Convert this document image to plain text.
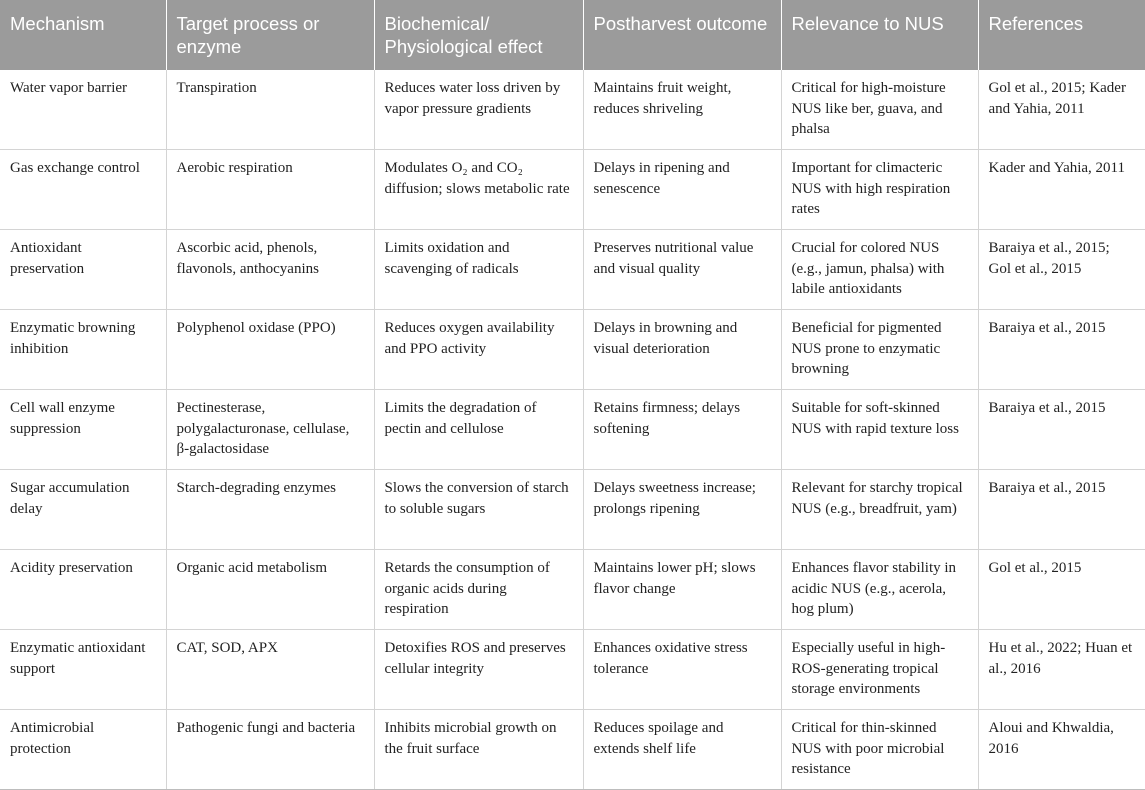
Mechanism	Target process or enzyme	Biochemical/ Physiological effect	Postharvest outcome	Relevance to NUS	References
Water vapor barrier	Transpiration	Reduces water loss driven by vapor pressure gradients	Maintains fruit weight, reduces shriveling	Critical for high-moisture NUS like ber, guava, and phalsa	Gol et al., 2015; Kader and Yahia, 2011
Gas exchange control	Aerobic respiration	Modulates O₂ and CO₂ diffusion; slows metabolic rate	Delays in ripening and senescence	Important for climacteric NUS with high respiration rates	Kader and Yahia, 2011
Antioxidant preservation	Ascorbic acid, phenols, flavonols, anthocyanins	Limits oxidation and scavenging of radicals	Preserves nutritional value and visual quality	Crucial for colored NUS (e.g., jamun, phalsa) with labile antioxidants	Baraiya et al., 2015; Gol et al., 2015
Enzymatic browning inhibition	Polyphenol oxidase (PPO)	Reduces oxygen availability and PPO activity	Delays in browning and visual deterioration	Beneficial for pigmented NUS prone to enzymatic browning	Baraiya et al., 2015
Cell wall enzyme suppression	Pectinesterase, polygalacturonase, cellulase, β-galactosidase	Limits the degradation of pectin and cellulose	Retains firmness; delays softening	Suitable for soft-skinned NUS with rapid texture loss	Baraiya et al., 2015
Sugar accumulation delay	Starch-degrading enzymes	Slows the conversion of starch to soluble sugars	Delays sweetness increase; prolongs ripening	Relevant for starchy tropical NUS (e.g., breadfruit, yam)	Baraiya et al., 2015
Acidity preservation	Organic acid metabolism	Retards the consumption of organic acids during respiration	Maintains lower pH; slows flavor change	Enhances flavor stability in acidic NUS (e.g., acerola, hog plum)	Gol et al., 2015
Enzymatic antioxidant support	CAT, SOD, APX	Detoxifies ROS and preserves cellular integrity	Enhances oxidative stress tolerance	Especially useful in high-ROS-generating tropical storage environments	Hu et al., 2022; Huan et al., 2016
Antimicrobial protection	Pathogenic fungi and bacteria	Inhibits microbial growth on the fruit surface	Reduces spoilage and extends shelf life	Critical for thin-skinned NUS with poor microbial resistance	Aloui and Khwaldia, 2016
